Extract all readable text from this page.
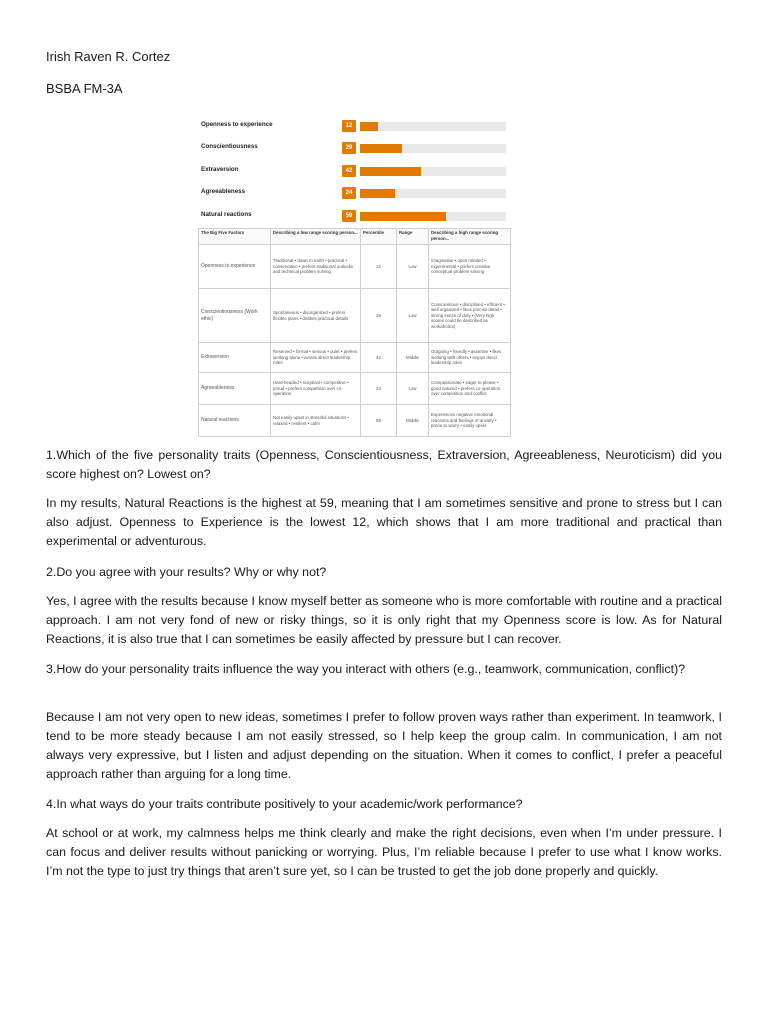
Irish Raven R. Cortez
BSBA FM-3A
Openness to experience	12
Conscientiousness	29
Extraversion	42
Agreeableness	24
Natural reactions	59
The Big Five Factors	Describing a low range scoring person...	Percentile	Range	Describing a high range scoring person...
Openness to experience	Traditional • down to earth • practical • conservative • prefers traditional outlooks and technical problem solving	12	Low	Imaginative • open minded • experimental • prefers creative conceptual problem solving
Conscientiousness (Work ethic)	Spontaneous • disorganized • prefers flexible plans • dislikes practical details	29	Low	Conscientious • disciplined • efficient • well organized • likes precise detail • strong sense of duty • (Very high scores could be described as workaholics)
Extraversion	Reserved • formal • serious • quiet • prefers working alone • avoids direct leadership roles	42	Middle	Outgoing • friendly • assertive • likes working with others • enjoys direct leadership roles
Agreeableness	Hard-headed • sceptical • competitive • proud • prefers competition over co-operation	24	Low	Compassionate • eager to please • good natured • prefers co-operation over competition and conflict
Natural reactions	Not easily upset in stressful situations • relaxed • resilient • calm	59	Middle	Experiences negative emotional reactions and feelings of anxiety • prone to worry • easily upset
1.Which of the five personality traits (Openness, Conscientiousness, Extraversion, Agreeableness, Neuroticism) did you score highest on? Lowest on?
In my results, Natural Reactions is the highest at 59, meaning that I am sometimes sensitive and prone to stress but I can also adjust. Openness to Experience is the lowest 12, which shows that I am more traditional and practical than experimental or adventurous.
2.Do you agree with your results? Why or why not?
Yes, I agree with the results because I know myself better as someone who is more comfortable with routine and a practical approach. I am not very fond of new or risky things, so it is only right that my Openness score is low. As for Natural Reactions, it is also true that I can sometimes be easily affected by pressure but I can recover.
3.How do your personality traits influence the way you interact with others (e.g., teamwork, communication, conflict)?
Because I am not very open to new ideas, sometimes I prefer to follow proven ways rather than experiment. In teamwork, I tend to be more steady because I am not easily stressed, so I help keep the group calm. In communication, I am not always very expressive, but I listen and adjust depending on the situation. When it comes to conflict, I prefer a peaceful approach rather than arguing for a long time.
4.In what ways do your traits contribute positively to your academic/work performance?
At school or at work, my calmness helps me think clearly and make the right decisions, even when I’m under pressure. I can focus and deliver results without panicking or worrying. Plus, I’m reliable because I prefer to use what I know works. I’m not the type to just try things that aren’t sure yet, so I can be trusted to get the job done properly and quickly.
